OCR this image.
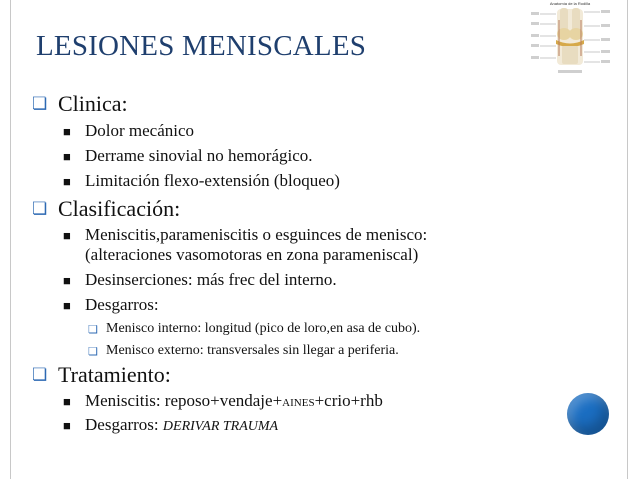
LESIONES MENISCALES
Anatomía de la Rodilla
❏ Clinica:
■ Dolor mecánico
■ Derrame sinovial no hemorágico.
■ Limitación flexo-extensión (bloqueo)
❏ Clasificación:
■ Meniscitis,parameniscitis o esguinces de menisco:
(alteraciones vasomotoras en zona parameniscal)
■ Desinserciones: más frec del interno.
■ Desgarros:
❏ Menisco interno: longitud (pico de loro,en asa de cubo).
❏ Menisco externo: transversales sin llegar a periferia.
❏ Tratamiento:
■ Meniscitis: reposo+vendaje+AINES+crio+rhb
■ Desgarros: DERIVAR TRAUMA
